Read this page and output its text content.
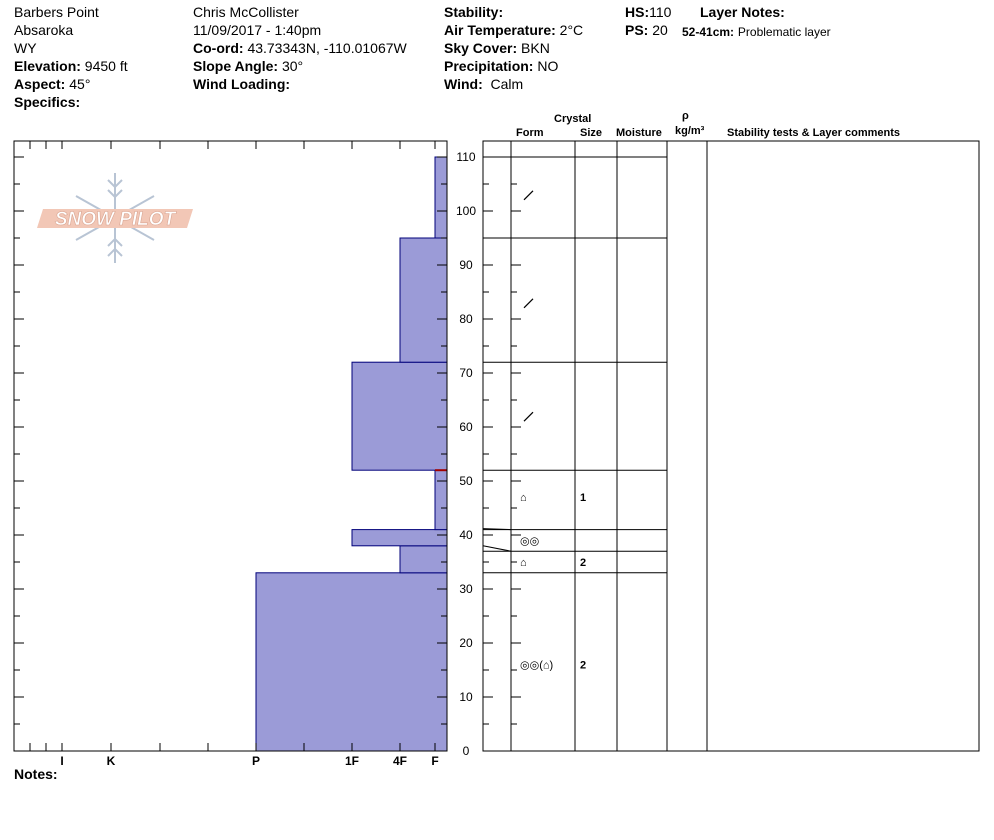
Barbers Point
Absaroka
WY
Elevation: 9450 ft
Aspect: 45°
Specifics:
Chris McCollister
11/09/2017 - 1:40pm
Co-ord: 43.73343N, -110.01067W
Slope Angle: 30°
Wind Loading:
Stability:
Air Temperature: 2°C
Sky Cover: BKN
Precipitation: NO
Wind: Calm
HS:110
PS: 20
Layer Notes:
52-41cm: Problematic layer
Crystal
Form	Size Moisture
ρ
kg/m³ Stability tests & Layer comments
Notes:
SNOW PILOT
I	K	P	1F	4F F
0
10
20
30
40
50
60
70
80
90
100
110
⌂	1
◎◎
⌂	2
◎◎(⌂) 2
